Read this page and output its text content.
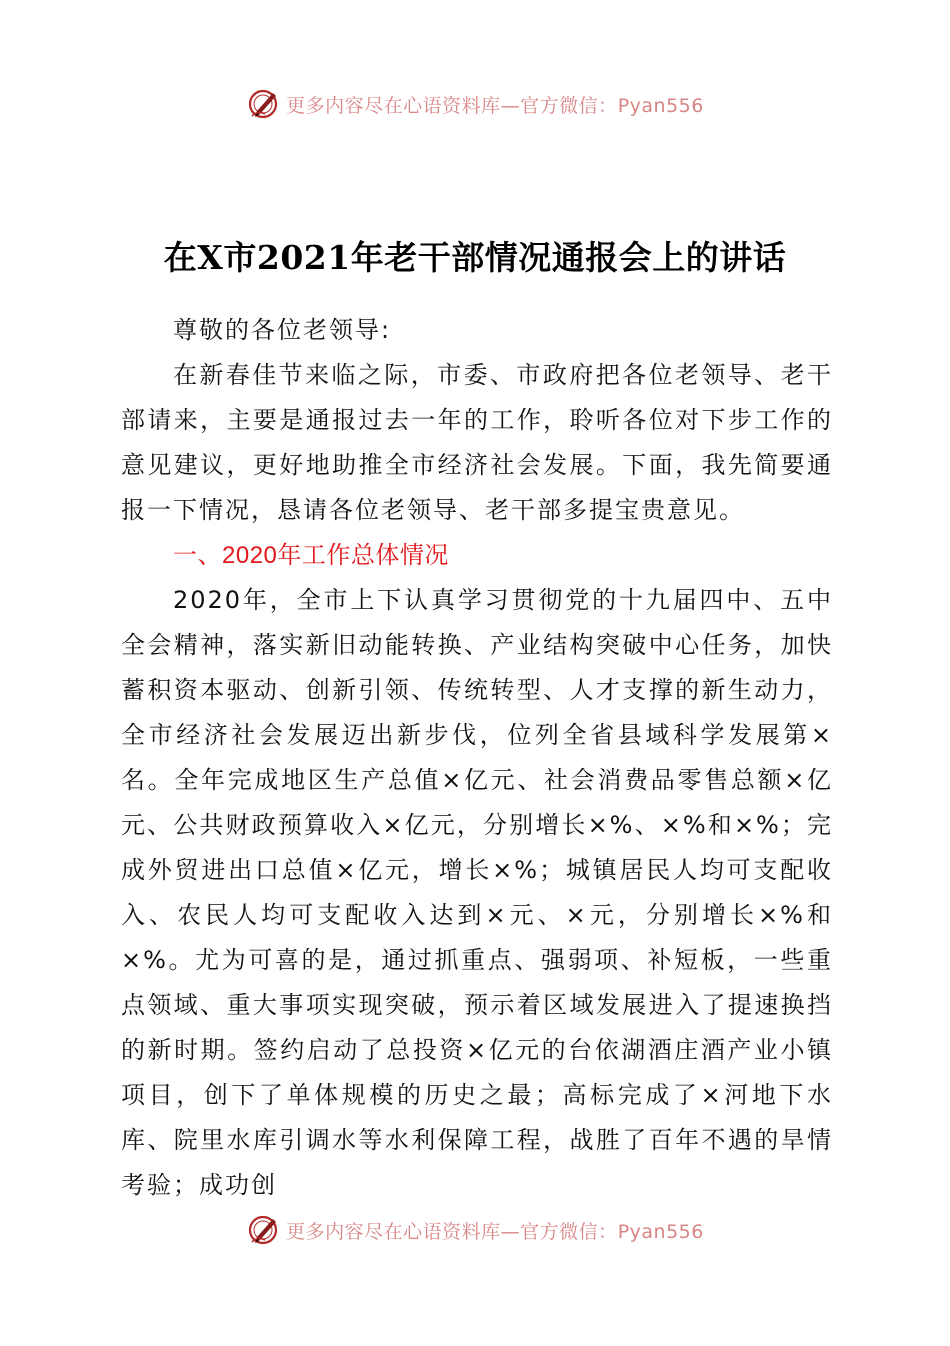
更多内容尽在心语资料库—官方微信：Pyan556
在X市2021年老干部情况通报会上的讲话

尊敬的各位老领导:

在新春佳节来临之际，市委、市政府把各位老领导、老干部请来，主要是通报过去一年的工作，聆听各位对下步工作的意见建议，更好地助推全市经济社会发展。下面，我先简要通报一下情况，恳请各位老领导、老干部多提宝贵意见。

一、2020年工作总体情况

2020年，全市上下认真学习贯彻党的十九届四中、五中全会精神，落实新旧动能转换、产业结构突破中心任务，加快蓄积资本驱动、创新引领、传统转型、人才支撑的新生动力，全市经济社会发展迈出新步伐，位列全省县域科学发展第×名。全年完成地区生产总值×亿元、社会消费品零售总额×亿元、公共财政预算收入×亿元，分别增长×%、×%和×%；完成外贸进出口总值×亿元，增长×%；城镇居民人均可支配收入、农民人均可支配收入达到×元、×元，分别增长×%和×%。尤为可喜的是，通过抓重点、强弱项、补短板，一些重点领域、重大事项实现突破，预示着区域发展进入了提速换挡的新时期。签约启动了总投资×亿元的台依湖酒庄酒产业小镇项目，创下了单体规模的历史之最；高标完成了×河地下水库、院里水库引调水等水利保障工程，战胜了百年不遇的旱情考验；成功创

更多内容尽在心语资料库—官方微信：Pyan556
